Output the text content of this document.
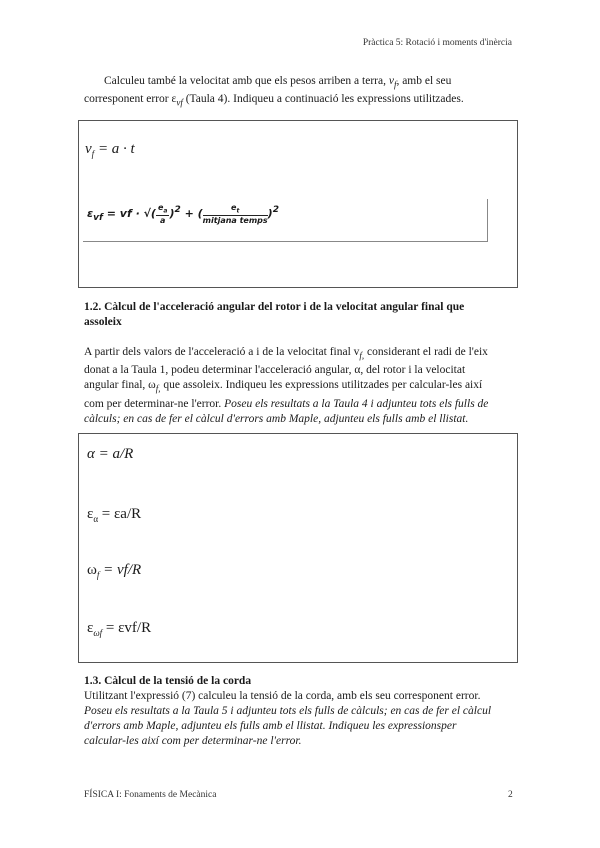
Pràctica 5: Rotació i moments d'inèrcia
Calculeu també la velocitat amb que els pesos arriben a terra, $v_f$, amb el seu
corresponent error $\varepsilon_{vf}$ (Taula 4). Indiqueu a continuació les expressions utilitzades.
$v_f = a \cdot t$
$\varepsilon_{vf}$ = vf · √( $\frac{e_a}{a} )^2$ + ( $\frac{e_t}{\text{mitjana temps}} )^2$
1.2. Càlcul de l'acceleració angular del rotor i de la velocitat angular final que
assoleix
A partir dels valors de l'acceleració a i de la velocitat final $v_{f,}$ considerant el radi de l'eix
donat a la Taula 1, podeu determinar l'acceleració angular, α, del rotor i la velocitat
angular final, $\omega_{f,}$ que assoleix. Indiqueu les expressions utilitzades per calcular-les així
com per determinar-ne l'error. Poseu els resultats a la Taula 4 i adjunteu tots els fulls de
càlculs; en cas de fer el càlcul d'errors amb Maple, adjunteu els fulls amb el llistat.
α = a/R
$\varepsilon_\alpha = \varepsilon a/R$
$\omega_f = vf/R$
$\varepsilon_{\omega f} = \varepsilon vf/R$
1.3. Càlcul de la tensió de la corda
Utilitzant l'expressió (7) calculeu la tensió de la corda, amb els seu corresponent error.
Poseu els resultats a la Taula 5 i adjunteu tots els fulls de càlculs; en cas de fer el càlcul
d'errors amb Maple, adjunteu els fulls amb el llistat. Indiqueu les expressionsper
calcular-les així com per determinar-ne l'error.
FÍSICA I: Fonaments de Mecànica	2
